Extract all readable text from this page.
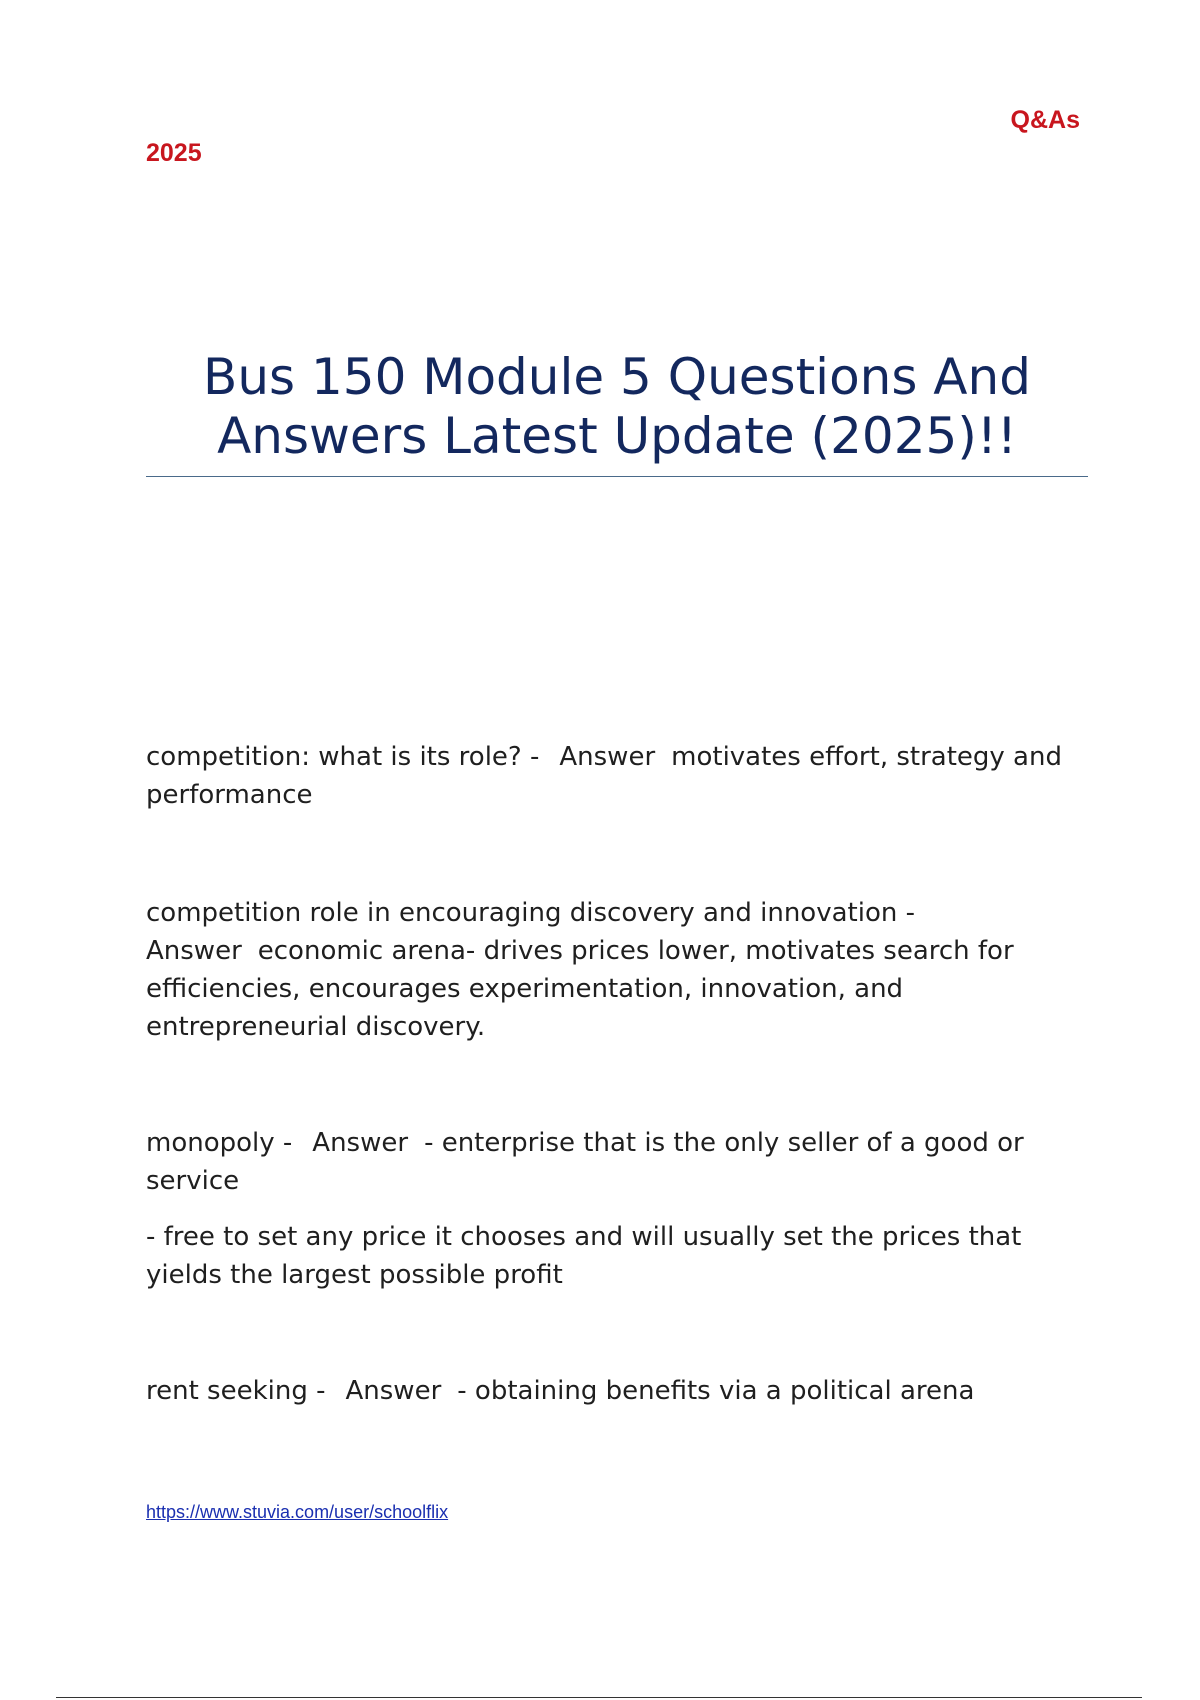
Q&As
2025
Bus 150 Module 5 Questions And Answers Latest Update (2025)!!

competition: what is its role? - Answer motivates effort, strategy and performance

competition role in encouraging discovery and innovation - Answer economic arena- drives prices lower, motivates search for efficiencies, encourages experimentation, innovation, and entrepreneurial discovery.

monopoly - Answer - enterprise that is the only seller of a good or service

- free to set any price it chooses and will usually set the prices that yields the largest possible profit

rent seeking - Answer - obtaining benefits via a political arena

https://www.stuvia.com/user/schoolflix
